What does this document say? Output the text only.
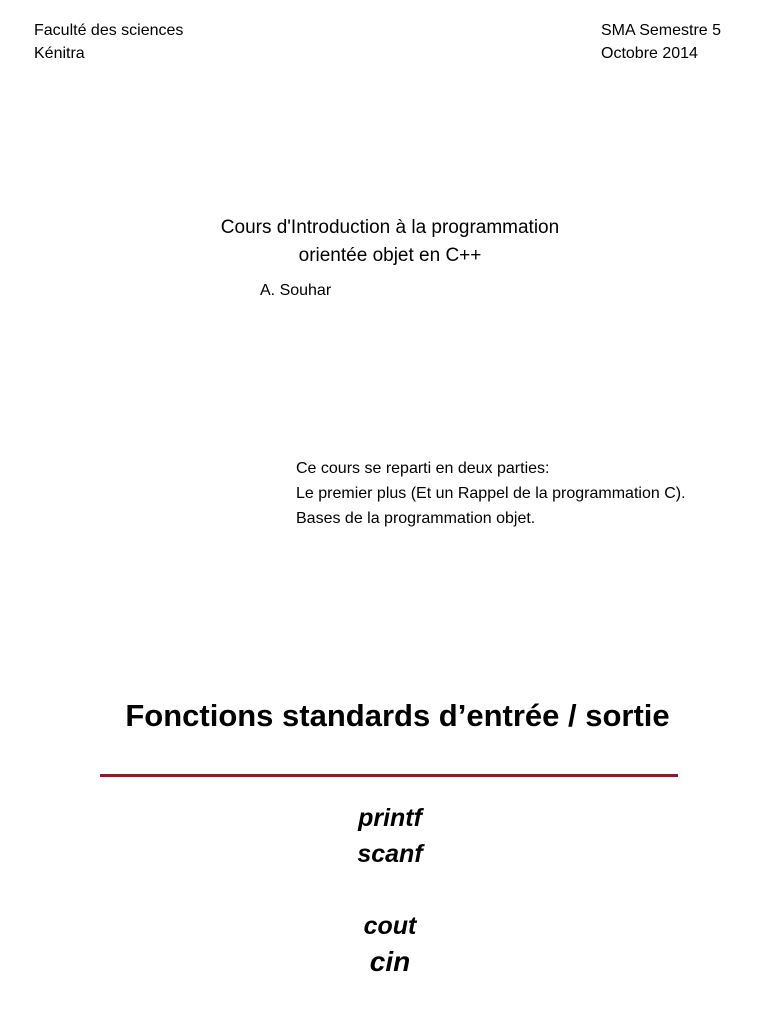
Faculté des sciences
Kénitra
SMA Semestre 5
Octobre 2014
Cours d'Introduction à la programmation
orientée objet en C++
A. Souhar
Ce cours se reparti en deux parties:
Le premier plus (Et un Rappel de la programmation C).
Bases de la programmation objet.
Fonctions standards d’entrée / sortie
printf
scanf
cout
cin
